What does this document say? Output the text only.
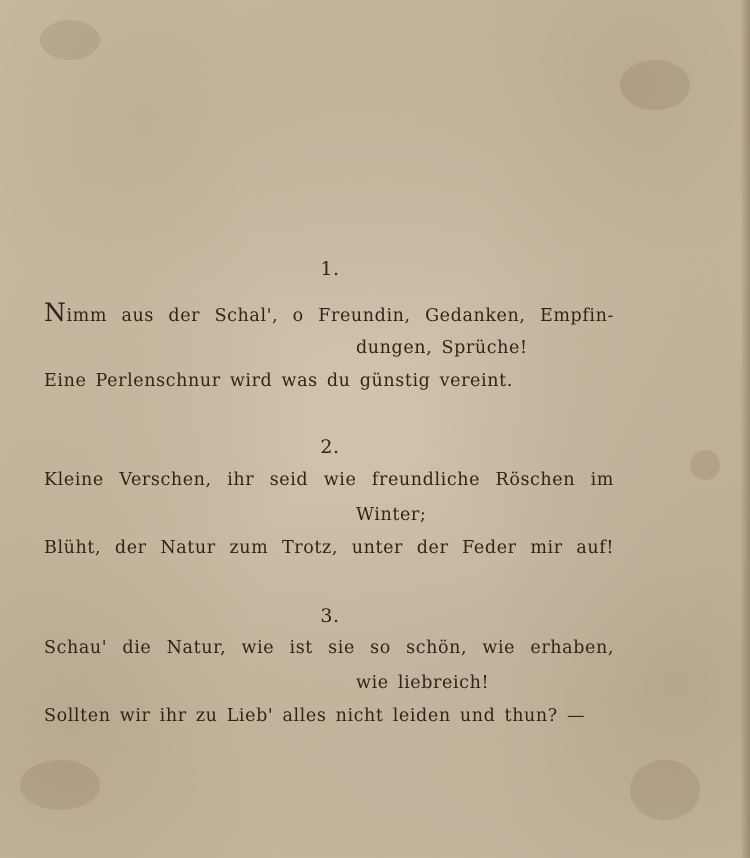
1.
Nimm aus der Schal', o Freundin, Gedanken, Empfin-
dungen, Sprüche!
Eine Perlenschnur wird was du günstig vereint.
2.
Kleine Verschen, ihr seid wie freundliche Röschen im
Winter;
Blüht, der Natur zum Trotz, unter der Feder mir auf!
3.
Schau' die Natur, wie ist sie so schön, wie erhaben,
wie liebreich!
Sollten wir ihr zu Lieb' alles nicht leiden und thun? —
